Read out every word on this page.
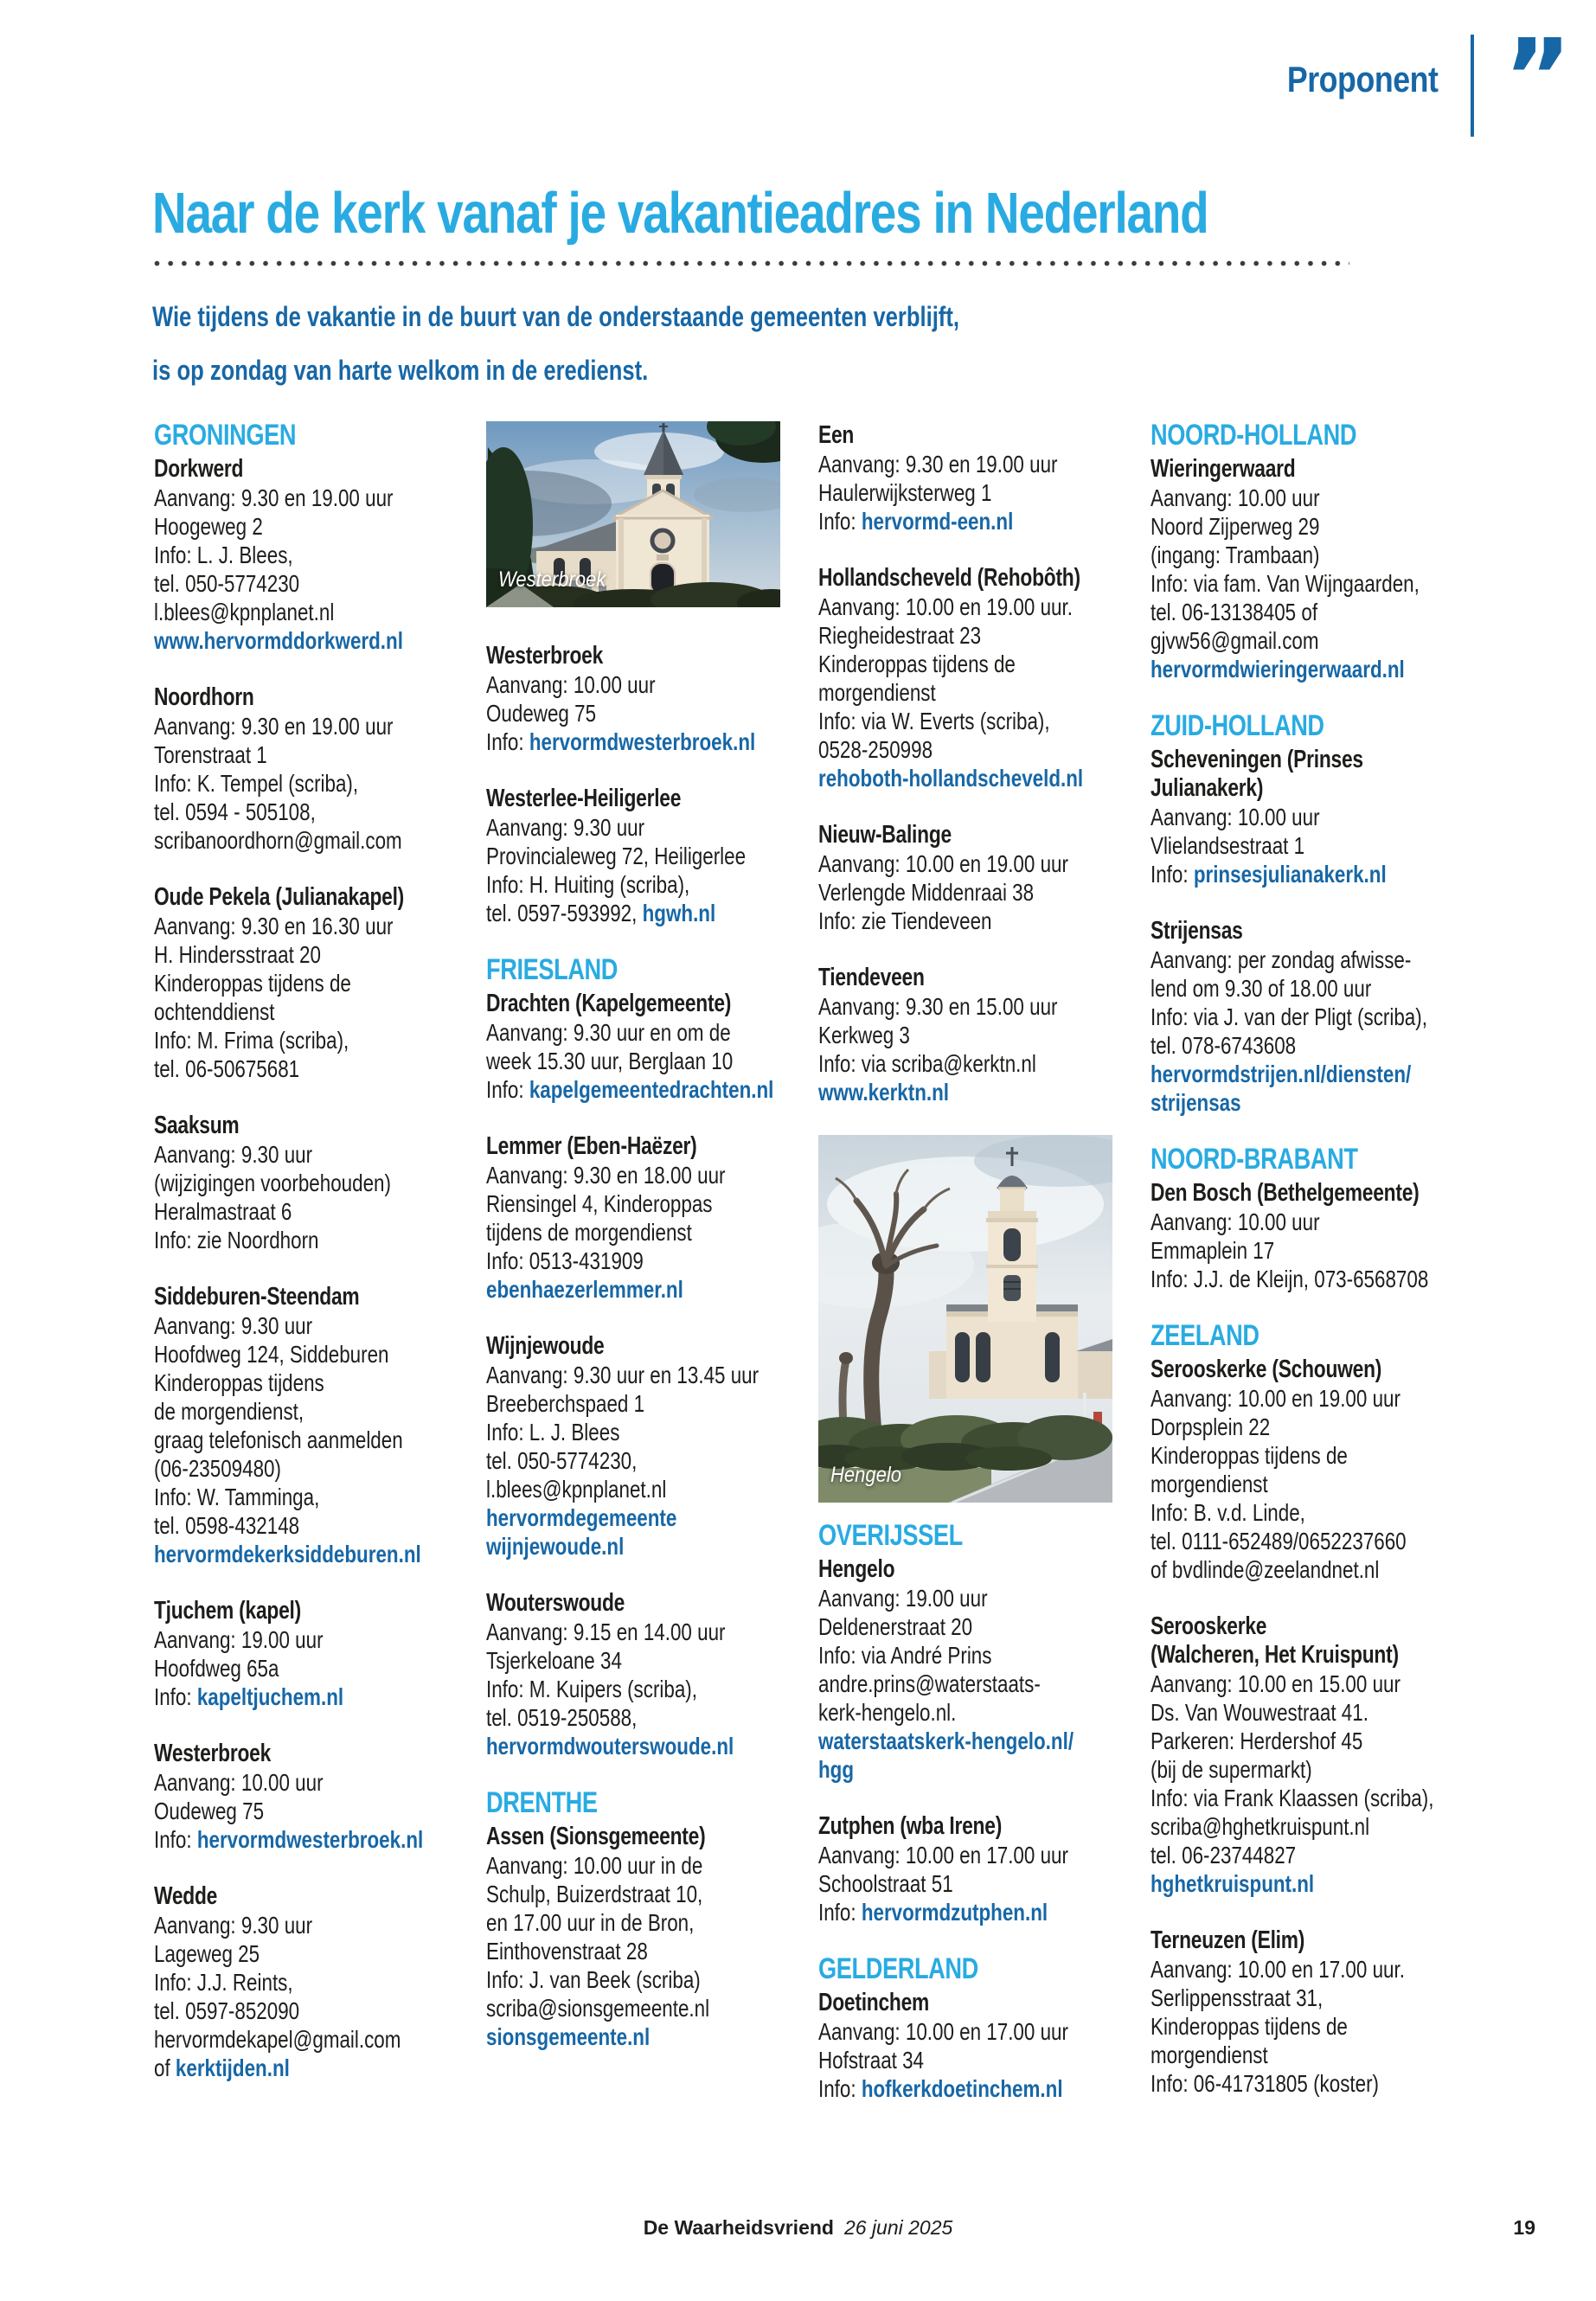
Proponent ”
Naar de kerk vanaf je vakantieadres in Nederland

Wie tijdens de vakantie in de buurt van de onderstaande gemeenten verblijft,

is op zondag van harte welkom in de eredienst.

GRONINGEN
Dorkwerd
Aanvang: 9.30 en 19.00 uur
Hoogeweg 2
Info: L. J. Blees,
tel. 050-5774230
l.blees@kpnplanet.nl
www.hervormddorkwerd.nl
Noordhorn
Aanvang: 9.30 en 19.00 uur
Torenstraat 1
Info: K. Tempel (scriba),
tel. 0594 - 505108,
scribanoordhorn@gmail.com
Oude Pekela (Julianakapel)
Aanvang: 9.30 en 16.30 uur
H. Hindersstraat 20
Kinderoppas tijdens de
ochtenddienst
Info: M. Frima (scriba),
tel. 06-50675681
Saaksum
Aanvang: 9.30 uur
(wijzigingen voorbehouden)
Heralmastraat 6
Info: zie Noordhorn
Siddeburen-Steendam
Aanvang: 9.30 uur
Hoofdweg 124, Siddeburen
Kinderoppas tijdens
de morgendienst,
graag telefonisch aanmelden
(06-23509480)
Info: W. Tamminga,
tel. 0598-432148
hervormdekerksiddeburen.nl
Tjuchem (kapel)
Aanvang: 19.00 uur
Hoofdweg 65a
Info: kapeltjuchem.nl
Westerbroek
Aanvang: 10.00 uur
Oudeweg 75
Info: hervormdwesterbroek.nl
Wedde
Aanvang: 9.30 uur
Lageweg 25
Info: J.J. Reints,
tel. 0597-852090
hervormdekapel@gmail.com
of kerktijden.nl
Westerbroek
Westerbroek
Aanvang: 10.00 uur
Oudeweg 75
Info: hervormdwesterbroek.nl
Westerlee-Heiligerlee
Aanvang: 9.30 uur
Provincialeweg 72, Heiligerlee
Info: H. Huiting (scriba),
tel. 0597-593992, hgwh.nl
FRIESLAND
Drachten (Kapelgemeente)
Aanvang: 9.30 uur en om de
week 15.30 uur, Berglaan 10
Info: kapelgemeentedrachten.nl
Lemmer (Eben-Haëzer)
Aanvang: 9.30 en 18.00 uur
Riensingel 4, Kinderoppas
tijdens de morgendienst
Info: 0513-431909
ebenhaezerlemmer.nl
Wijnjewoude
Aanvang: 9.30 uur en 13.45 uur
Breeberchspaed 1
Info: L. J. Blees
tel. 050-5774230,
l.blees@kpnplanet.nl
hervormdegemeente
wijnjewoude.nl
Wouterswoude
Aanvang: 9.15 en 14.00 uur
Tsjerkeloane 34
Info: M. Kuipers (scriba),
tel. 0519-250588,
hervormdwouterswoude.nl
DRENTHE
Assen (Sionsgemeente)
Aanvang: 10.00 uur in de
Schulp, Buizerdstraat 10,
en 17.00 uur in de Bron,
Einthovenstraat 28
Info: J. van Beek (scriba)
scriba@sionsgemeente.nl
sionsgemeente.nl
Een
Aanvang: 9.30 en 19.00 uur
Haulerwijksterweg 1
Info: hervormd-een.nl
Hollandscheveld (Rehobôth)
Aanvang: 10.00 en 19.00 uur.
Riegheidestraat 23
Kinderoppas tijdens de
morgendienst
Info: via W. Everts (scriba),
0528-250998
rehoboth-hollandscheveld.nl
Nieuw-Balinge
Aanvang: 10.00 en 19.00 uur
Verlengde Middenraai 38
Info: zie Tiendeveen
Tiendeveen
Aanvang: 9.30 en 15.00 uur
Kerkweg 3
Info: via scriba@kerktn.nl
www.kerktn.nl
Hengelo
OVERIJSSEL
Hengelo
Aanvang: 19.00 uur
Deldenerstraat 20
Info: via André Prins
andre.prins@waterstaats-
kerk-hengelo.nl.
waterstaatskerk-hengelo.nl/
hgg
Zutphen (wba Irene)
Aanvang: 10.00 en 17.00 uur
Schoolstraat 51
Info: hervormdzutphen.nl
GELDERLAND
Doetinchem
Aanvang: 10.00 en 17.00 uur
Hofstraat 34
Info: hofkerkdoetinchem.nl
NOORD-HOLLAND
Wieringerwaard
Aanvang: 10.00 uur
Noord Zijperweg 29
(ingang: Trambaan)
Info: via fam. Van Wijngaarden,
tel. 06-13138405 of
gjvw56@gmail.com
hervormdwieringerwaard.nl
ZUID-HOLLAND
Scheveningen (Prinses
Julianakerk)
Aanvang: 10.00 uur
Vlielandsestraat 1
Info: prinsesjulianakerk.nl
Strijensas
Aanvang: per zondag afwisse-
lend om 9.30 of 18.00 uur
Info: via J. van der Pligt (scriba),
tel. 078-6743608
hervormdstrijen.nl/diensten/
strijensas
NOORD-BRABANT
Den Bosch (Bethelgemeente)
Aanvang: 10.00 uur
Emmaplein 17
Info: J.J. de Kleijn, 073-6568708
ZEELAND
Serooskerke (Schouwen)
Aanvang: 10.00 en 19.00 uur
Dorpsplein 22
Kinderoppas tijdens de
morgendienst
Info: B. v.d. Linde,
tel. 0111-652489/0652237660
of bvdlinde@zeelandnet.nl
Serooskerke
(Walcheren, Het Kruispunt)
Aanvang: 10.00 en 15.00 uur
Ds. Van Wouwestraat 41.
Parkeren: Herdershof 45
(bij de supermarkt)
Info: via Frank Klaassen (scriba),
scriba@hghetkruispunt.nl
tel. 06-23744827
hghetkruispunt.nl
Terneuzen (Elim)
Aanvang: 10.00 en 17.00 uur.
Serlippensstraat 31,
Kinderoppas tijdens de
morgendienst
Info: 06-41731805 (koster)
De Waarheidsvriend 26 juni 2025	19
